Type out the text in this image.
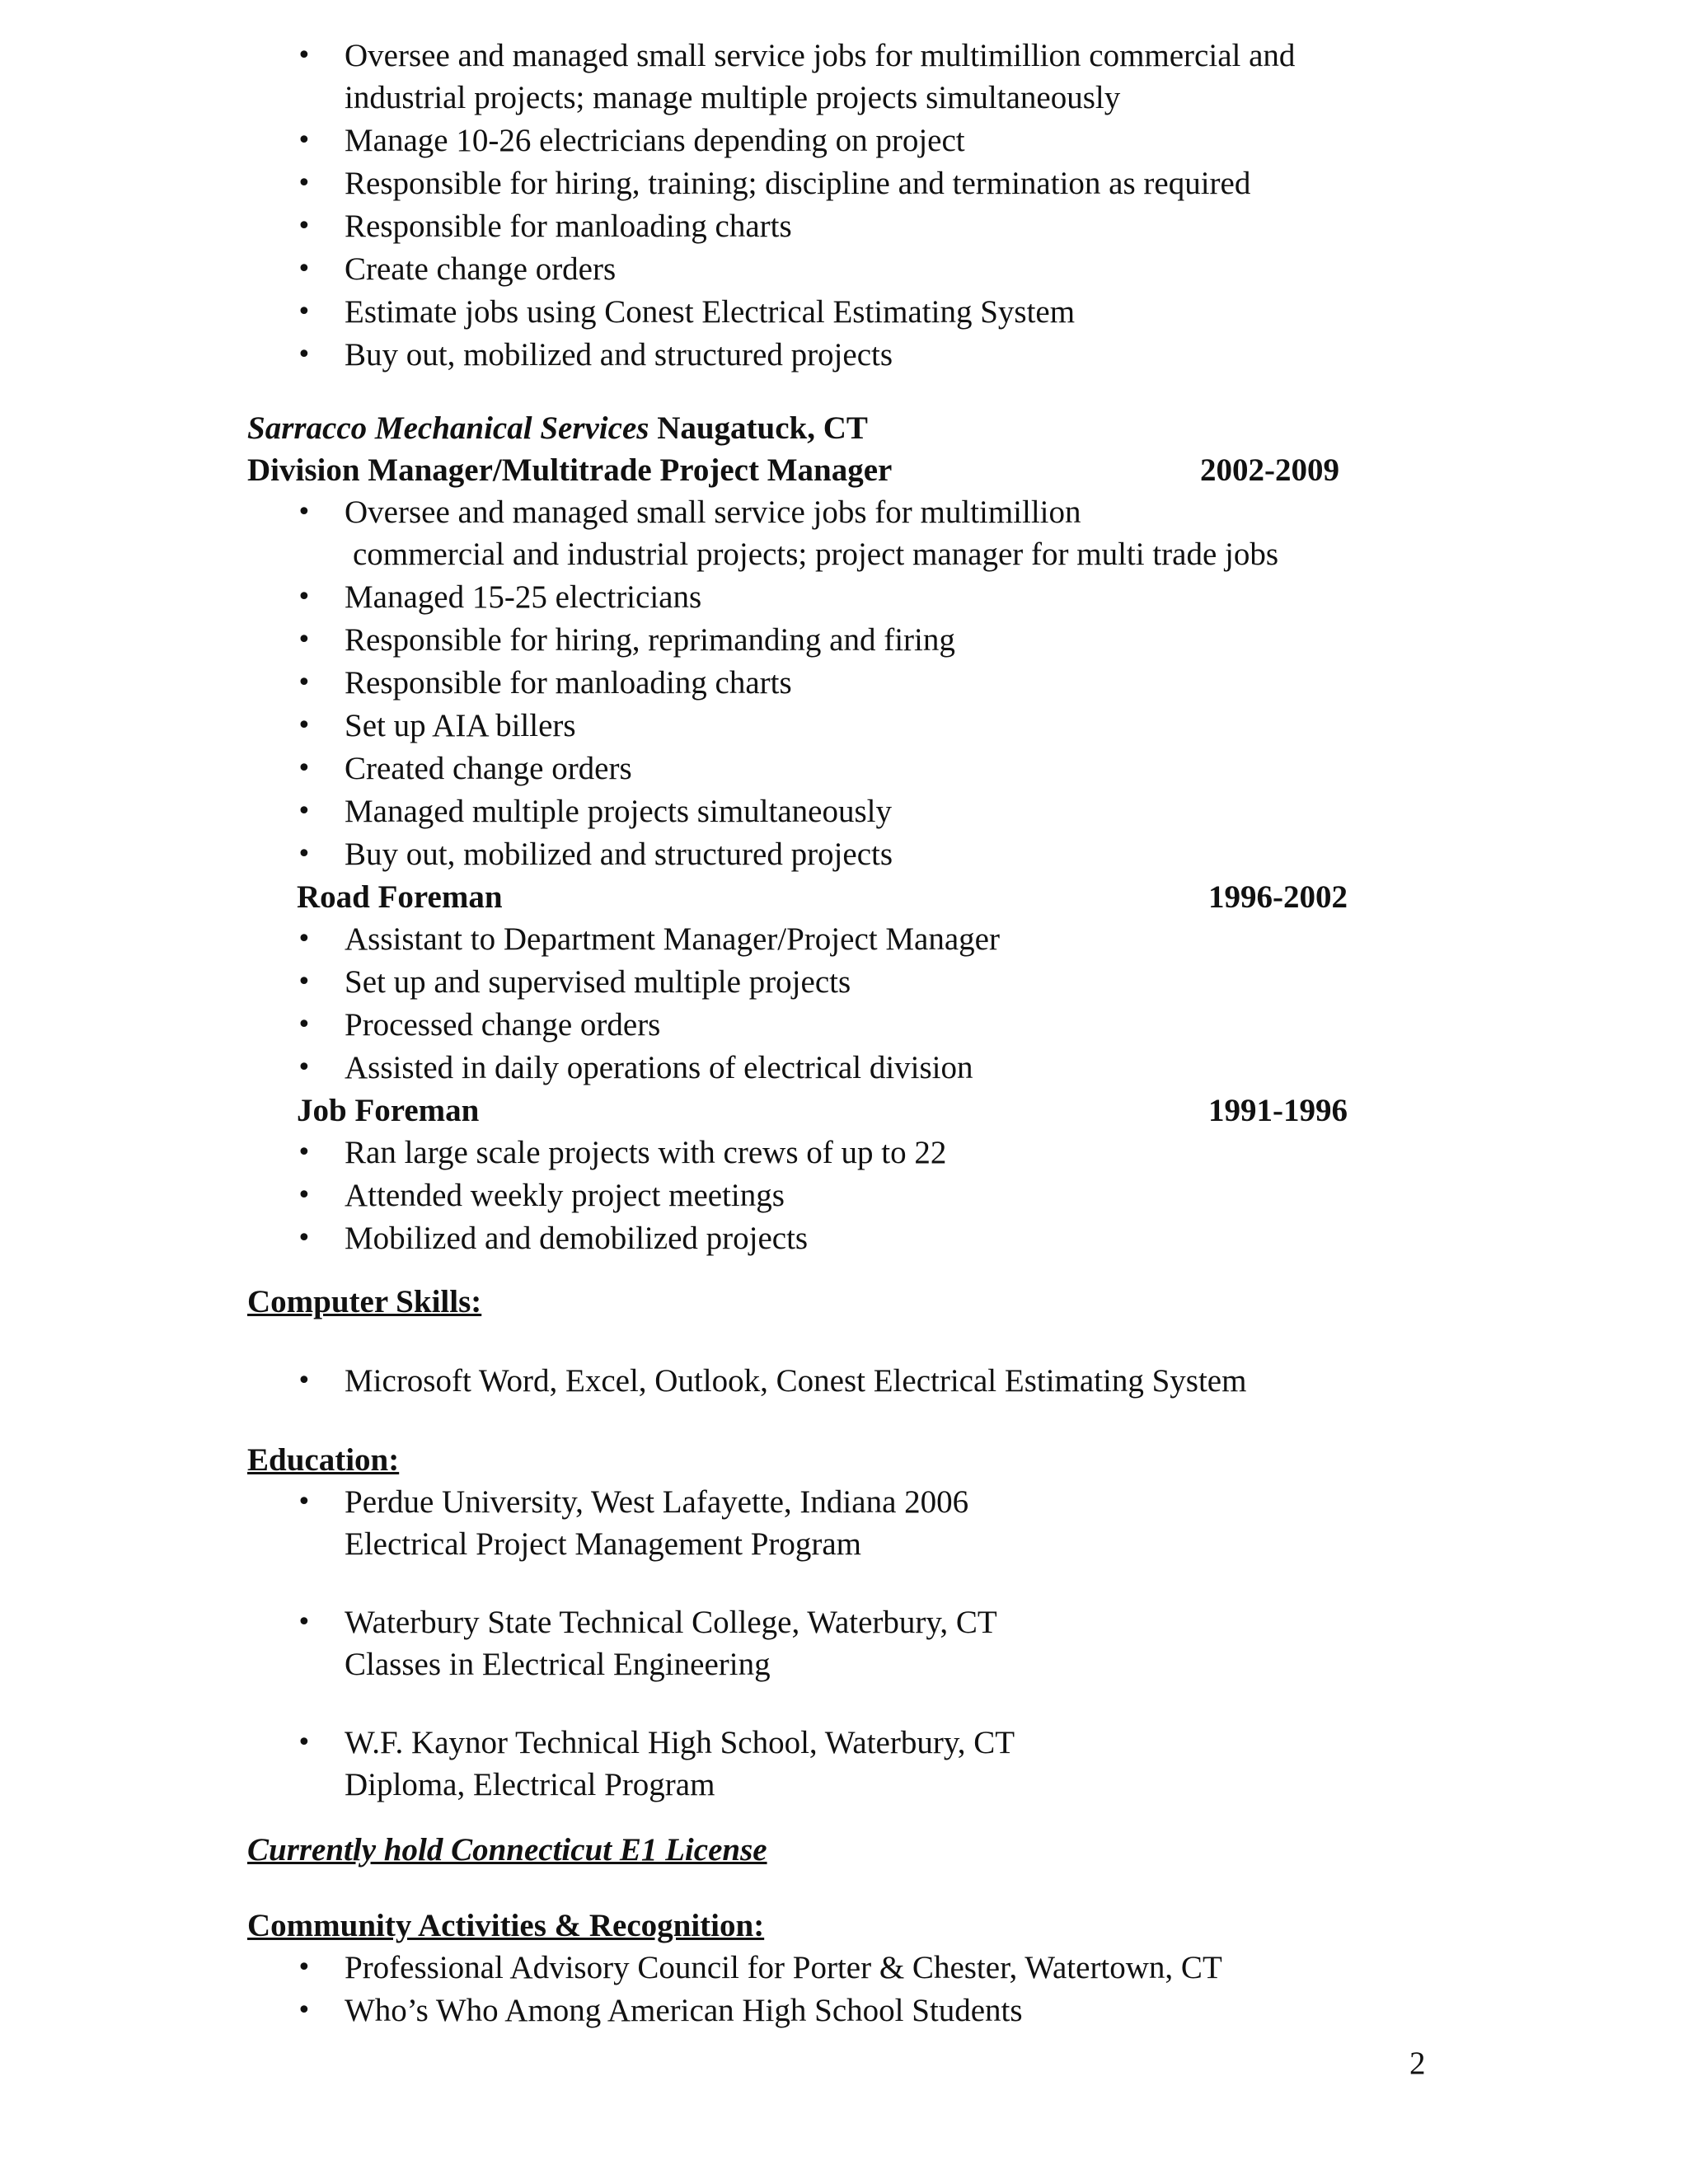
•	Oversee and managed small service jobs for multimillion commercial and
industrial projects; manage multiple projects simultaneously
•	Manage 10-26 electricians depending on project
•	Responsible for hiring, training; discipline and termination as required
•	Responsible for manloading charts
•	Create change orders
•	Estimate jobs using Conest Electrical Estimating System
•	Buy out, mobilized and structured projects
Sarracco Mechanical Services Naugatuck, CT
Division Manager/Multitrade Project Manager	2002-2009
•	Oversee and managed small service jobs for multimillion
commercial and industrial projects; project manager for multi trade jobs
•	Managed 15-25 electricians
•	Responsible for hiring, reprimanding and firing
•	Responsible for manloading charts
•	Set up AIA billers
•	Created change orders
•	Managed multiple projects simultaneously
•	Buy out, mobilized and structured projects
Road Foreman	1996-2002
•	Assistant to Department Manager/Project Manager
•	Set up and supervised multiple projects
•	Processed change orders
•	Assisted in daily operations of electrical division
Job Foreman	1991-1996
•	Ran large scale projects with crews of up to 22
•	Attended weekly project meetings
•	Mobilized and demobilized projects
Computer Skills:
•	Microsoft Word, Excel, Outlook, Conest Electrical Estimating System
Education:
•	Perdue University, West Lafayette, Indiana 2006
Electrical Project Management Program
•	Waterbury State Technical College, Waterbury, CT
Classes in Electrical Engineering
•	W.F. Kaynor Technical High School, Waterbury, CT
Diploma, Electrical Program
Currently hold Connecticut E1 License
Community Activities & Recognition:
•	Professional Advisory Council for Porter & Chester, Watertown, CT
•	Who’s Who Among American High School Students
2
